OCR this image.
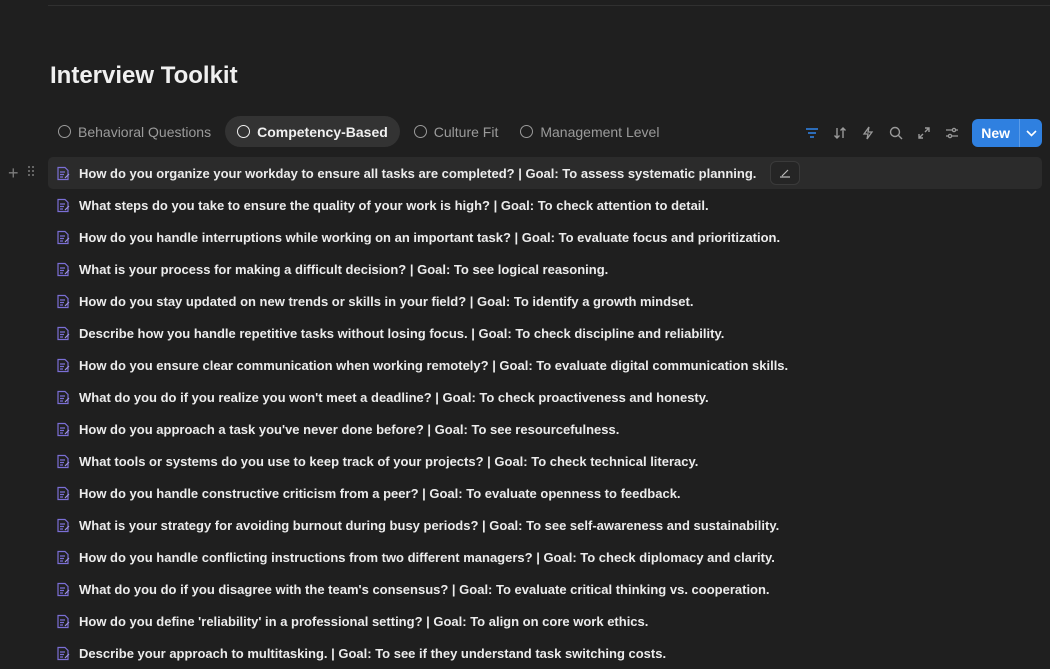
Interview Toolkit
Behavioral Questions	Competency-Based	Culture Fit	Management Level	New
+	How do you organize your workday to ensure all tasks are completed? | Goal: To assess systematic planning.
What steps do you take to ensure the quality of your work is high? | Goal: To check attention to detail.
How do you handle interruptions while working on an important task? | Goal: To evaluate focus and prioritization.
What is your process for making a difficult decision? | Goal: To see logical reasoning.
How do you stay updated on new trends or skills in your field? | Goal: To identify a growth mindset.
Describe how you handle repetitive tasks without losing focus. | Goal: To check discipline and reliability.
How do you ensure clear communication when working remotely? | Goal: To evaluate digital communication skills.
What do you do if you realize you won't meet a deadline? | Goal: To check proactiveness and honesty.
How do you approach a task you've never done before? | Goal: To see resourcefulness.
What tools or systems do you use to keep track of your projects? | Goal: To check technical literacy.
How do you handle constructive criticism from a peer? | Goal: To evaluate openness to feedback.
What is your strategy for avoiding burnout during busy periods? | Goal: To see self-awareness and sustainability.
How do you handle conflicting instructions from two different managers? | Goal: To check diplomacy and clarity.
What do you do if you disagree with the team's consensus? | Goal: To evaluate critical thinking vs. cooperation.
How do you define 'reliability' in a professional setting? | Goal: To align on core work ethics.
Describe your approach to multitasking. | Goal: To see if they understand task switching costs.
